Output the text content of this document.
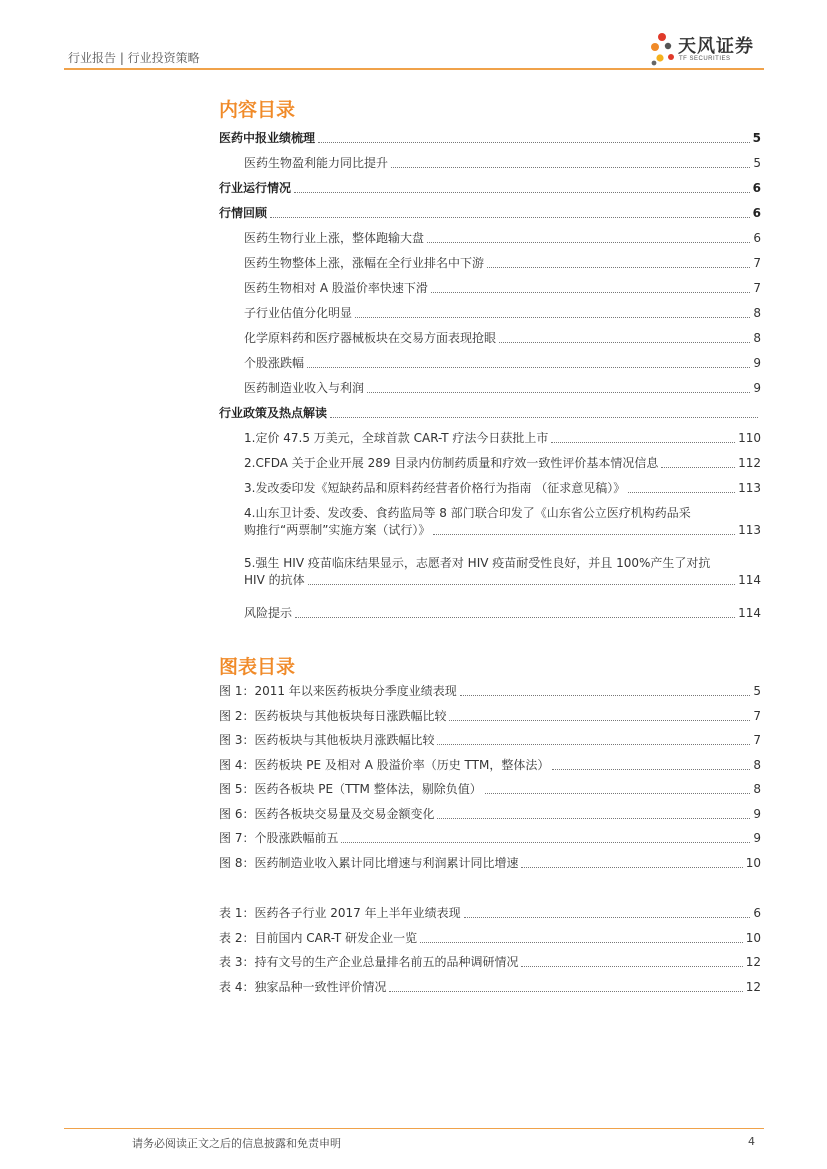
行业报告 | 行业投资策略
天风证券
TF SECURITIES
内容目录
医药中报业绩梳理	5
医药生物盈利能力同比提升	5
行业运行情况	6
行情回顾	6
医药生物行业上涨，整体跑输大盘	6
医药生物整体上涨，涨幅在全行业排名中下游	7
医药生物相对 A 股溢价率快速下滑	7
子行业估值分化明显	8
化学原料药和医疗器械板块在交易方面表现抢眼	8
个股涨跌幅	9
医药制造业收入与利润	9
行业政策及热点解读
1.定价 47.5 万美元，全球首款 CAR-T 疗法今日获批上市	110
2.CFDA 关于企业开展 289 目录内仿制药质量和疗效一致性评价基本情况信息	112
3.发改委印发《短缺药品和原料药经营者价格行为指南 （征求意见稿）》	113
4.山东卫计委、发改委、食药监局等 8 部门联合印发了《山东省公立医疗机构药品采
购推行“两票制”实施方案（试行）》	113
5.强生 HIV 疫苗临床结果显示，志愿者对 HIV 疫苗耐受性良好，并且 100%产生了对抗
HIV 的抗体	114
风险提示	114
图表目录
图 1：2011 年以来医药板块分季度业绩表现	5
图 2：医药板块与其他板块每日涨跌幅比较	7
图 3：医药板块与其他板块月涨跌幅比较	7
图 4：医药板块 PE 及相对 A 股溢价率（历史 TTM，整体法）	8
图 5：医药各板块 PE（TTM 整体法，剔除负值）	8
图 6：医药各板块交易量及交易金额变化	9
图 7：个股涨跌幅前五	9
图 8：医药制造业收入累计同比增速与利润累计同比增速	10
表 1：医药各子行业 2017 年上半年业绩表现	6
表 2：目前国内 CAR-T 研发企业一览	10
表 3：持有文号的生产企业总量排名前五的品种调研情况	12
表 4：独家品种一致性评价情况	12
请务必阅读正文之后的信息披露和免责申明	4
